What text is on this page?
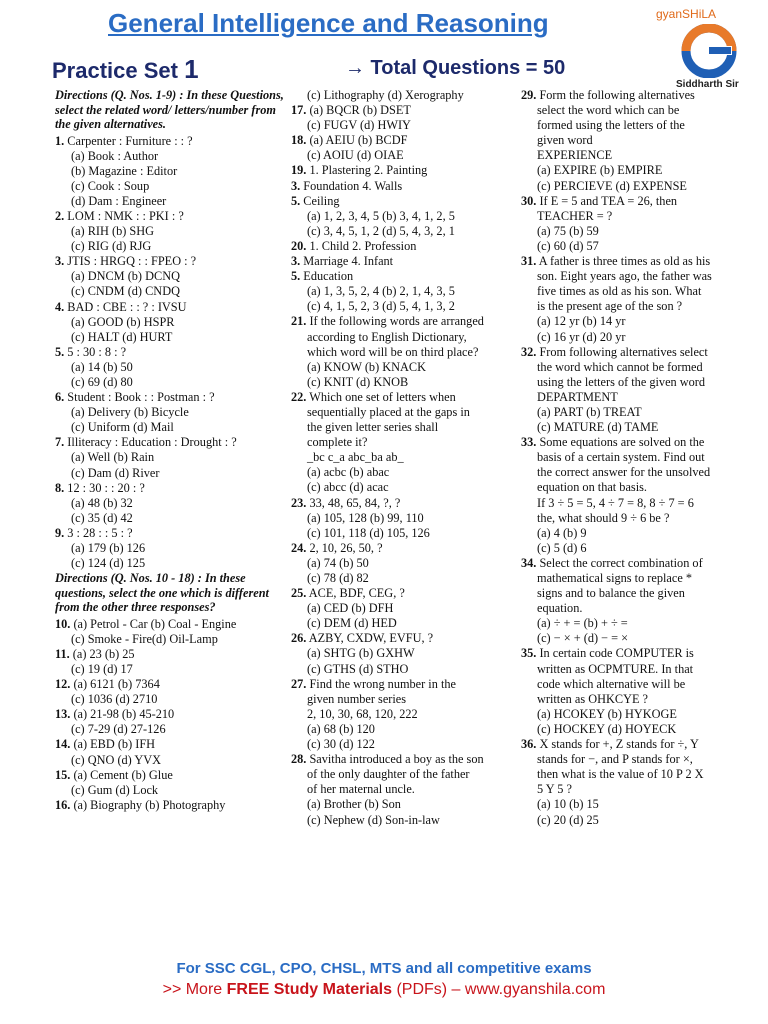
General Intelligence and Reasoning
Practice Set 1	→ Total Questions = 50
gyanSHiLA
Siddharth Sir
Directions (Q. Nos. 1-9) : In these Questions, select the related word/ letters/number from the given alternatives.
1. Carpenter : Furniture : : ?
(a) Book : Author
(b) Magazine : Editor
(c) Cook : Soup
(d) Dam : Engineer
2. LOM : NMK : : PKI : ?
(a) RIH (b) SHG
(c) RIG (d) RJG
3. JTIS : HRGQ : : FPEO : ?
(a) DNCM (b) DCNQ
(c) CNDM (d) CNDQ
4. BAD : CBE : : ? : IVSU
(a) GOOD (b) HSPR
(c) HALT (d) HURT
5. 5 : 30 : 8 : ?
(a) 14 (b) 50
(c) 69 (d) 80
6. Student : Book : : Postman : ?
(a) Delivery (b) Bicycle
(c) Uniform (d) Mail
7. Illiteracy : Education : Drought : ?
(a) Well (b) Rain
(c) Dam (d) River
8. 12 : 30 : : 20 : ?
(a) 48 (b) 32
(c) 35 (d) 42
9. 3 : 28 : : 5 : ?
(a) 179 (b) 126
(c) 124 (d) 125
Directions (Q. Nos. 10 - 18) : In these questions, select the one which is different from the other three responses?
10. (a) Petrol - Car (b) Coal - Engine
(c) Smoke - Fire(d) Oil-Lamp
11. (a) 23 (b) 25
(c) 19 (d) 17
12. (a) 6121 (b) 7364
(c) 1036 (d) 2710
13. (a) 21-98 (b) 45-210
(c) 7-29 (d) 27-126
14. (a) EBD (b) IFH
(c) QNO (d) YVX
15. (a) Cement (b) Glue
(c) Gum (d) Lock
16. (a) Biography (b) Photography
(c) Lithography (d) Xerography
17. (a) BQCR (b) DSET
(c) FUGV (d) HWIY
18. (a) AEIU (b) BCDF
(c) AOIU (d) OIAE
19. 1. Plastering 2. Painting
3. Foundation 4. Walls
5. Ceiling
(a) 1, 2, 3, 4, 5 (b) 3, 4, 1, 2, 5
(c) 3, 4, 5, 1, 2 (d) 5, 4, 3, 2, 1
20. 1. Child 2. Profession
3. Marriage 4. Infant
5. Education
(a) 1, 3, 5, 2, 4 (b) 2, 1, 4, 3, 5
(c) 4, 1, 5, 2, 3 (d) 5, 4, 1, 3, 2
21. If the following words are arranged
according to English Dictionary,
which word will be on third place?
(a) KNOW (b) KNACK
(c) KNIT (d) KNOB
22. Which one set of letters when
sequentially placed at the gaps in
the given letter series shall
complete it?
_bc c_a abc_ba ab_
(a) acbc (b) abac
(c) abcc (d) acac
23. 33, 48, 65, 84, ?, ?
(a) 105, 128 (b) 99, 110
(c) 101, 118 (d) 105, 126
24. 2, 10, 26, 50, ?
(a) 74 (b) 50
(c) 78 (d) 82
25. ACE, BDF, CEG, ?
(a) CED (b) DFH
(c) DEM (d) HED
26. AZBY, CXDW, EVFU, ?
(a) SHTG (b) GXHW
(c) GTHS (d) STHO
27. Find the wrong number in the
given number series
2, 10, 30, 68, 120, 222
(a) 68 (b) 120
(c) 30 (d) 122
28. Savitha introduced a boy as the son
of the only daughter of the father
of her maternal uncle.
(a) Brother (b) Son
(c) Nephew (d) Son-in-law
29. Form the following alternatives
select the word which can be
formed using the letters of the
given word
EXPERIENCE
(a) EXPIRE (b) EMPIRE
(c) PERCIEVE (d) EXPENSE
30. If E = 5 and TEA = 26, then
TEACHER = ?
(a) 75 (b) 59
(c) 60 (d) 57
31. A father is three times as old as his
son. Eight years ago, the father was
five times as old as his son. What
is the present age of the son ?
(a) 12 yr (b) 14 yr
(c) 16 yr (d) 20 yr
32. From following alternatives select
the word which cannot be formed
using the letters of the given word
DEPARTMENT
(a) PART (b) TREAT
(c) MATURE (d) TAME
33. Some equations are solved on the
basis of a certain system. Find out
the correct answer for the unsolved
equation on that basis.
If 3 ÷ 5 = 5, 4 ÷ 7 = 8, 8 ÷ 7 = 6
the, what should 9 ÷ 6 be ?
(a) 4 (b) 9
(c) 5 (d) 6
34. Select the correct combination of
mathematical signs to replace *
signs and to balance the given
equation.
(a) ÷ + = (b) + ÷ =
(c) − × + (d) − = ×
35. In certain code COMPUTER is
written as OCPMTURE. In that
code which alternative will be
written as OHKCYE ?
(a) HCOKEY (b) HYKOGE
(c) HOCKEY (d) HOYECK
36. X stands for +, Z stands for ÷, Y
stands for −, and P stands for ×,
then what is the value of 10 P 2 X
5 Y 5 ?
(a) 10 (b) 15
(c) 20 (d) 25
For SSC CGL, CPO, CHSL, MTS and all competitive exams
>> More FREE Study Materials (PDFs) – www.gyanshila.com
